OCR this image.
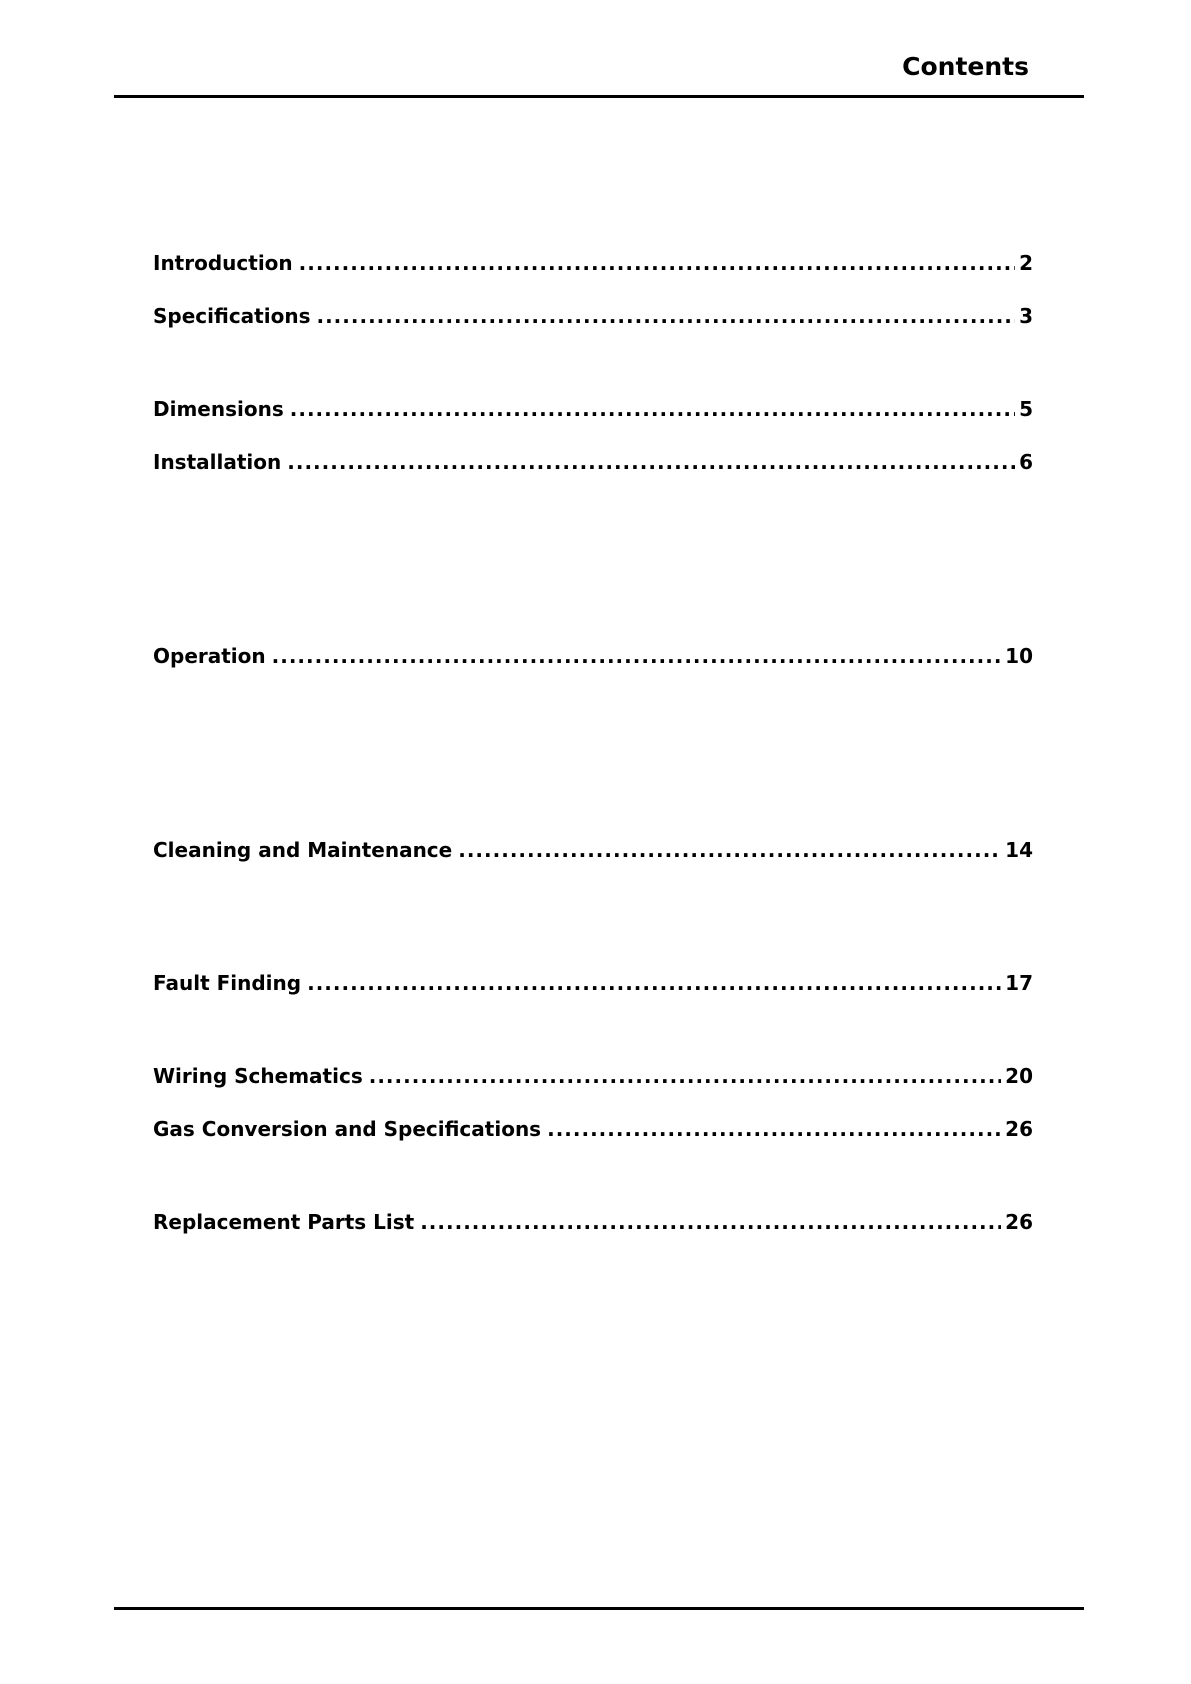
Contents
Introduction .....	2
Specifications .....	3
Dimensions .....	5
Installation .....	6
Operation .....	10
Cleaning and Maintenance .....	14
Fault Finding .....	17
Wiring Schematics .....	20
Gas Conversion and Specifications .....	26
Replacement Parts List .....	26
